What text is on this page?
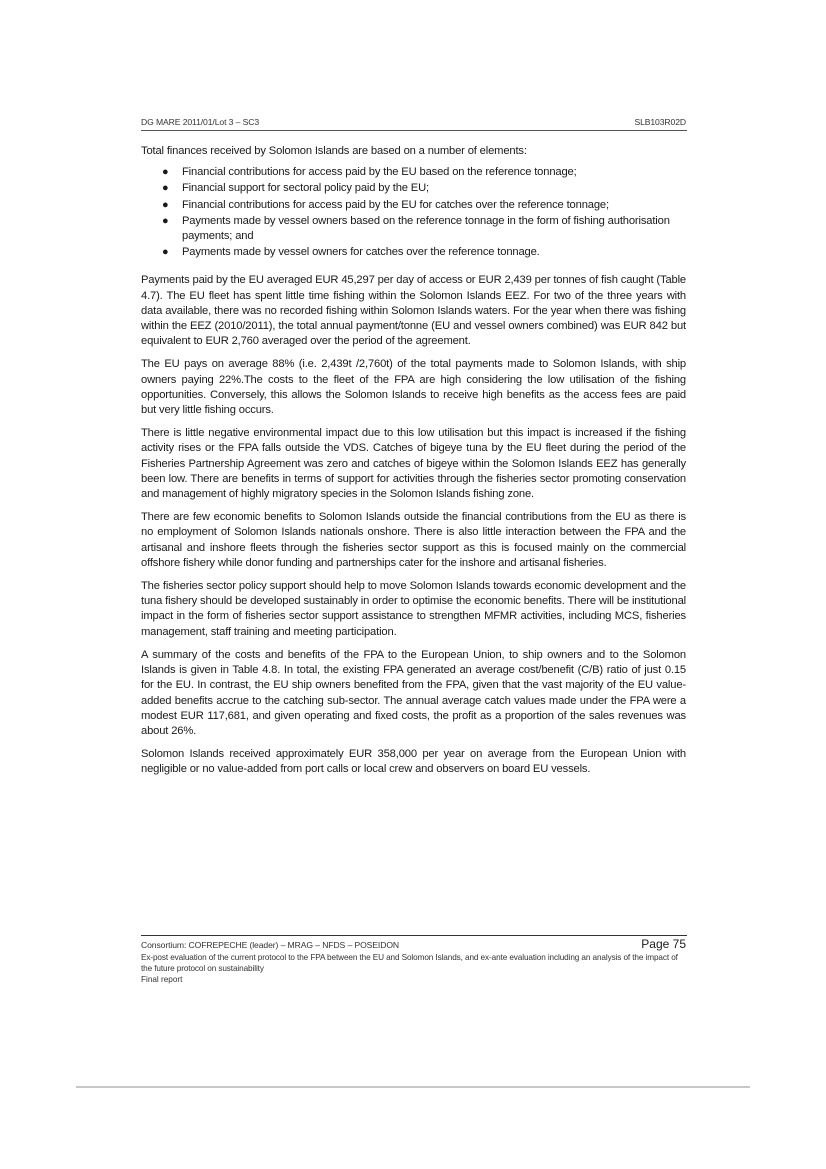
DG MARE 2011/01/Lot 3 – SC3	SLB103R02D

Total finances received by Solomon Islands are based on a number of elements:

● Financial contributions for access paid by the EU based on the reference tonnage;
● Financial support for sectoral policy paid by the EU;
● Financial contributions for access paid by the EU for catches over the reference tonnage;
● Payments made by vessel owners based on the reference tonnage in the form of fishing authorisation payments; and
● Payments made by vessel owners for catches over the reference tonnage.

Payments paid by the EU averaged EUR 45,297 per day of access or EUR 2,439 per tonnes of fish caught (Table 4.7). The EU fleet has spent little time fishing within the Solomon Islands EEZ. For two of the three years with data available, there was no recorded fishing within Solomon Islands waters. For the year when there was fishing within the EEZ (2010/2011), the total annual payment/tonne (EU and vessel owners combined) was EUR 842 but equivalent to EUR 2,760 averaged over the period of the agreement.

The EU pays on average 88% (i.e. 2,439t /2,760t) of the total payments made to Solomon Islands, with ship owners paying 22%.The costs to the fleet of the FPA are high considering the low utilisation of the fishing opportunities. Conversely, this allows the Solomon Islands to receive high benefits as the access fees are paid but very little fishing occurs.

There is little negative environmental impact due to this low utilisation but this impact is increased if the fishing activity rises or the FPA falls outside the VDS. Catches of bigeye tuna by the EU fleet during the period of the Fisheries Partnership Agreement was zero and catches of bigeye within the Solomon Islands EEZ has generally been low. There are benefits in terms of support for activities through the fisheries sector promoting conservation and management of highly migratory species in the Solomon Islands fishing zone.

There are few economic benefits to Solomon Islands outside the financial contributions from the EU as there is no employment of Solomon Islands nationals onshore. There is also little interaction between the FPA and the artisanal and inshore fleets through the fisheries sector support as this is focused mainly on the commercial offshore fishery while donor funding and partnerships cater for the inshore and artisanal fisheries.

The fisheries sector policy support should help to move Solomon Islands towards economic development and the tuna fishery should be developed sustainably in order to optimise the economic benefits. There will be institutional impact in the form of fisheries sector support assistance to strengthen MFMR activities, including MCS, fisheries management, staff training and meeting participation.

A summary of the costs and benefits of the FPA to the European Union, to ship owners and to the Solomon Islands is given in Table 4.8. In total, the existing FPA generated an average cost/benefit (C/B) ratio of just 0.15 for the EU. In contrast, the EU ship owners benefited from the FPA, given that the vast majority of the EU value-added benefits accrue to the catching sub-sector. The annual average catch values made under the FPA were a modest EUR 117,681, and given operating and fixed costs, the profit as a proportion of the sales revenues was about 26%.

Solomon Islands received approximately EUR 358,000 per year on average from the European Union with negligible or no value-added from port calls or local crew and observers on board EU vessels.

Consortium: COFREPECHE (leader) – MRAG – NFDS – POSEIDON	Page 75
Ex-post evaluation of the current protocol to the FPA between the EU and Solomon Islands, and ex-ante evaluation including an analysis of the impact of the future protocol on sustainability
Final report
